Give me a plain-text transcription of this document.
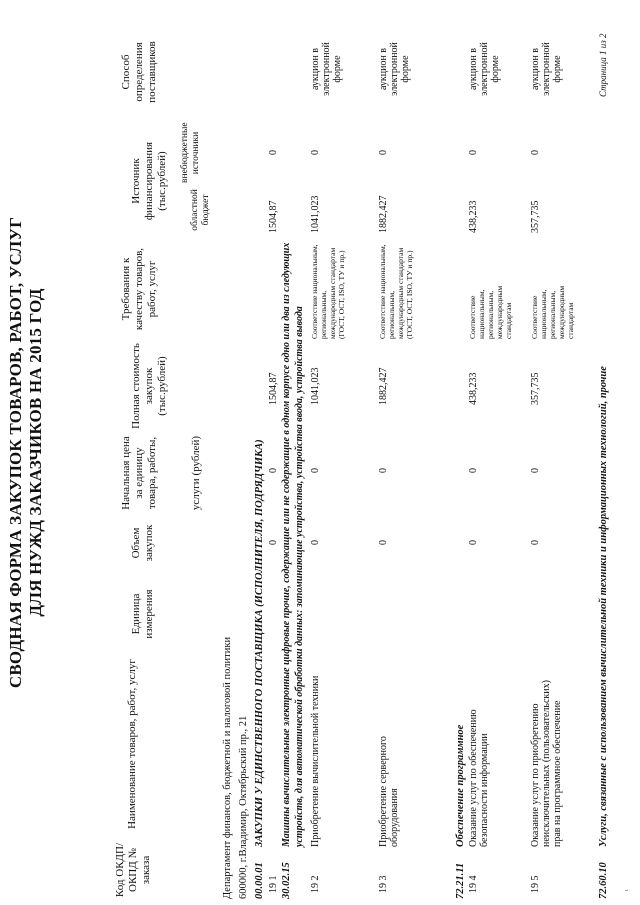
СВОДНАЯ ФОРМА ЗАКУПОК ТОВАРОВ, РАБОТ, УСЛУГ ДЛЯ НУЖД ЗАКАЗЧИКОВ НА 2015 ГОД
Код ОКДП/ ОКПД № заказа
Наименование товаров, работ, услуг
Единица измерения
Объем закупок
Начальная цена за единицу товара, работы,	услуги (рублей)
Полная стоимость закупок (тыс.рублей)
Требования к качеству товаров, работ, услуг
Источник финансирования (тыс.рублей) областной бюджет
внебюджетные источники
Способ определения поставщиков
Департамент финансов, бюджетной и налоговой политики 600000, г.Владимир, Октябрьский пр., 21 00.00.01
ЗАКУПКИ У ЕДИНСТВЕННОГО ПОСТАВЩИКА (ИСПОЛНИТЕЛЯ, ПОДРЯДЧИКА)
19 1
0
0
1504,87
1504,87
0
30.02.15
Машины вычислительные электронные цифровые прочие, содержащие или не содержащие в одном корпусе одно или два из следующих устройств, для автоматической обработки данных: запоминающие устройства, устройства ввода, устройства вывода
19 2
Приобретение вычислительной техники
0
0
1041,023
Соответствие национальным, региональным, международным стандартам (ГОСТ, ОСТ, ISO, ТУ и пр.)
1041,023
0
аукцион в электронной форме
19 3
Приобретение серверного оборудования
0
0
1882,427
Соответствие национальным, региональным, международным стандартам (ГОСТ, ОСТ, ISO, ТУ и пр.)
1882,427
0
аукцион в электронной форме
72.21.11
Обеспечение программное
19 4
Оказание услуг по обеспечению безопасности информации
0
0
438,233
Соответствие национальным, региональным, международным стандартам
438,233
0
аукцион в электронной форме
19 5
Оказание услуг по приобретению неисключительных (пользовательских) прав на программное обеспечение
0
0
357,735
Соответствие национальным, региональным, международным стандартам
357,735
0
аукцион в электронной форме
72.60.10
Услуги, связанные с использованием вычислительной техники и информационных технологий, прочие
Страница 1 из 2
ɩ
